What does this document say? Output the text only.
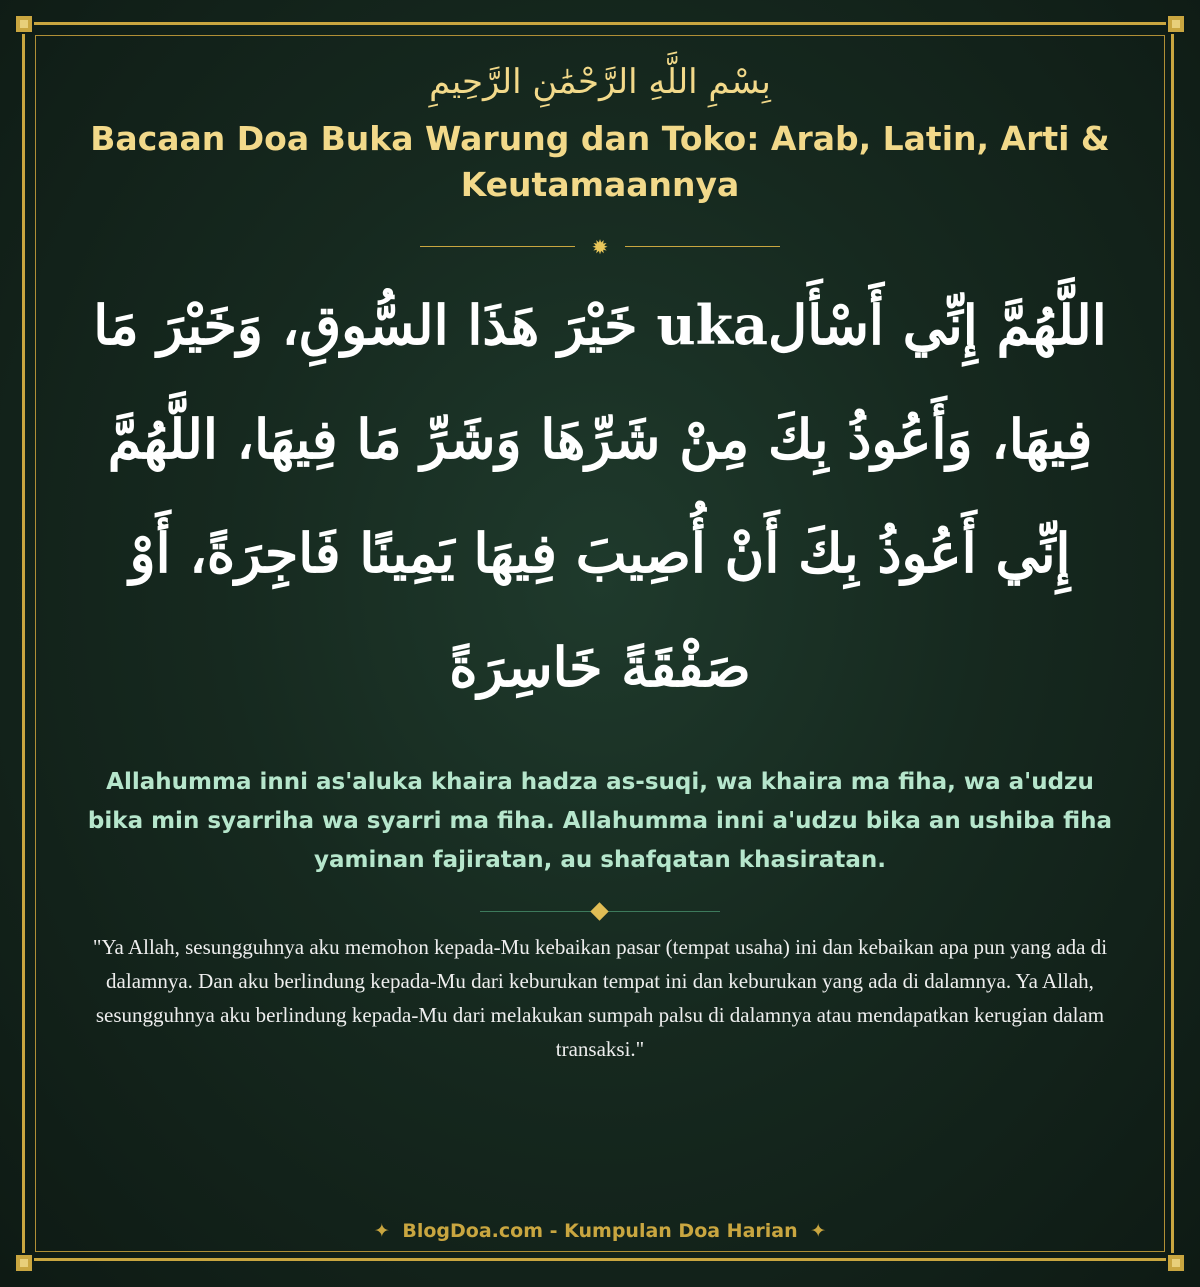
بِسْمِ اللَّهِ الرَّحْمَٰنِ الرَّحِيمِ
Bacaan Doa Buka Warung dan Toko: Arab, Latin, Arti & Keutamaannya
✹
اللَّهُمَّ إِنِّي أَسْأَلuka خَيْرَ هَذَا السُّوقِ، وَخَيْرَ مَا فِيهَا، وَأَعُوذُ بِكَ مِنْ شَرِّهَا وَشَرِّ مَا فِيهَا، اللَّهُمَّ إِنِّي أَعُوذُ بِكَ أَنْ أُصِيبَ فِيهَا يَمِينًا فَاجِرَةً، أَوْ صَفْقَةً خَاسِرَةً
Allahumma inni as'aluka khaira hadza as-suqi, wa khaira ma fiha, wa a'udzu bika min syarriha wa syarri ma fiha. Allahumma inni a'udzu bika an ushiba fiha yaminan fajiratan, au shafqatan khasiratan.
"Ya Allah, sesungguhnya aku memohon kepada-Mu kebaikan pasar (tempat usaha) ini dan kebaikan apa pun yang ada di dalamnya. Dan aku berlindung kepada-Mu dari keburukan tempat ini dan keburukan yang ada di dalamnya. Ya Allah, sesungguhnya aku berlindung kepada-Mu dari melakukan sumpah palsu di dalamnya atau mendapatkan kerugian dalam transaksi."
✦ BlogDoa.com - Kumpulan Doa Harian ✦
